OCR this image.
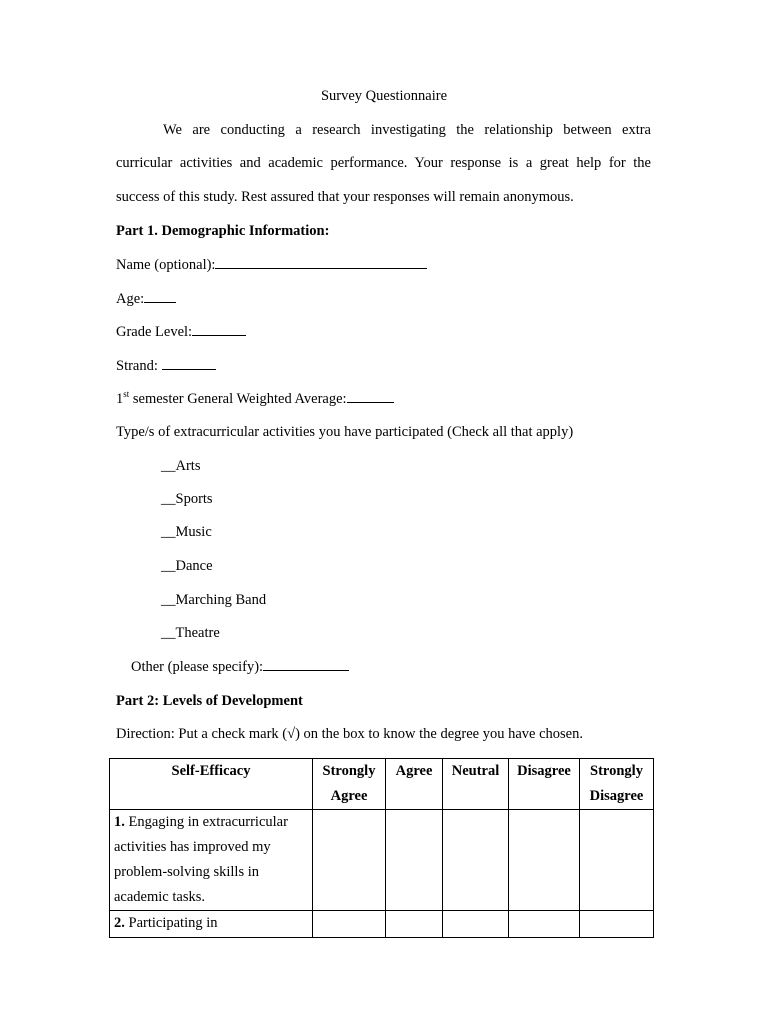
Survey Questionnaire
We are conducting a research investigating the relationship between extra
curricular activities and academic performance. Your response is a great help for the
success of this study. Rest assured that your responses will remain anonymous.
Part 1. Demographic Information:
Name (optional):
Age:
Grade Level:
Strand:
1st semester General Weighted Average:
Type/s of extracurricular activities you have participated (Check all that apply)
__Arts
__Sports
__Music
__Dance
__Marching Band
__Theatre
Other (please specify):
Part 2: Levels of Development
Direction: Put a check mark (√) on the box to know the degree you have chosen.
Self-Efficacy	Strongly Agree	Agree	Neutral	Disagree	Strongly Disagree
1. Engaging in extracurricular activities has improved my problem-solving skills in academic tasks.					
2. Participating in					
